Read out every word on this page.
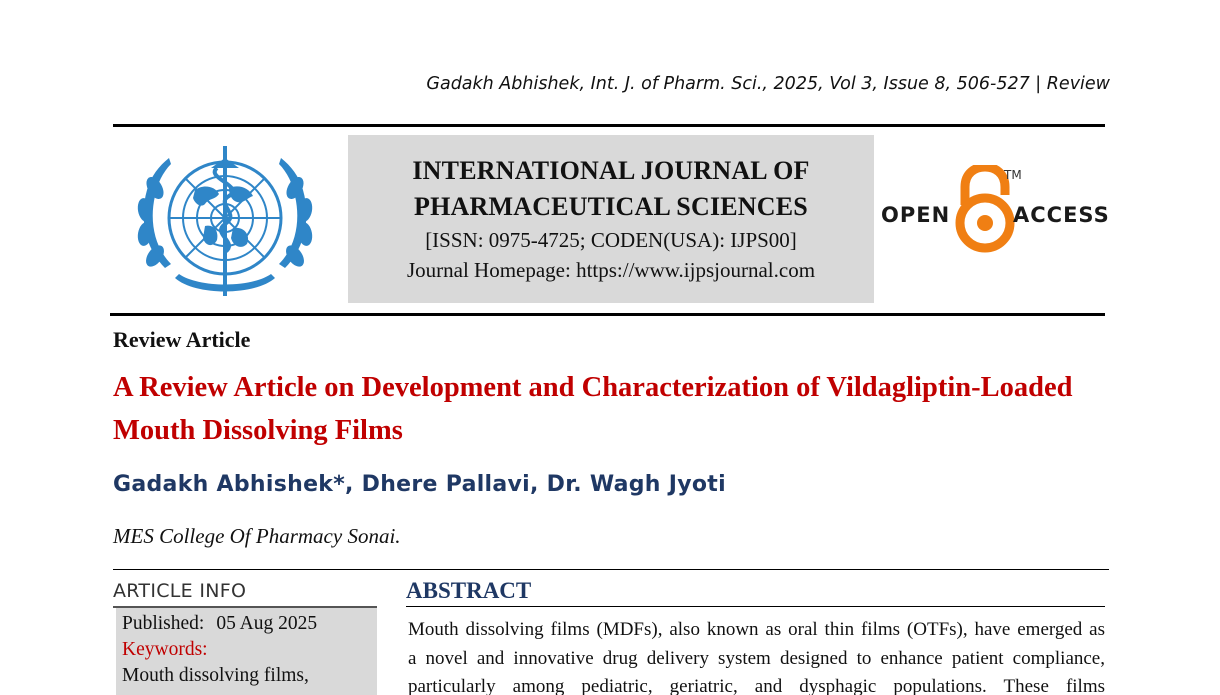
Gadakh Abhishek, Int. J. of Pharm. Sci., 2025, Vol 3, Issue 8, 506-527 | Review
INTERNATIONAL JOURNAL OF
PHARMACEUTICAL SCIENCES
[ISSN: 0975-4725; CODEN(USA): IJPS00]
Journal Homepage: https://www.ijpsjournal.com
OPEN
TM
ACCESS
Review Article
A Review Article on Development and Characterization of Vildagliptin-Loaded Mouth Dissolving Films
Gadakh Abhishek*, Dhere Pallavi, Dr. Wagh Jyoti
MES College Of Pharmacy Sonai.
ARTICLE INFO
Published: 05 Aug 2025
Keywords:
Mouth dissolving films,
ABSTRACT
Mouth dissolving films (MDFs), also known as oral thin films (OTFs), have emerged as
a novel and innovative drug delivery system designed to enhance patient compliance,
particularly among pediatric, geriatric, and dysphagic populations. These films
